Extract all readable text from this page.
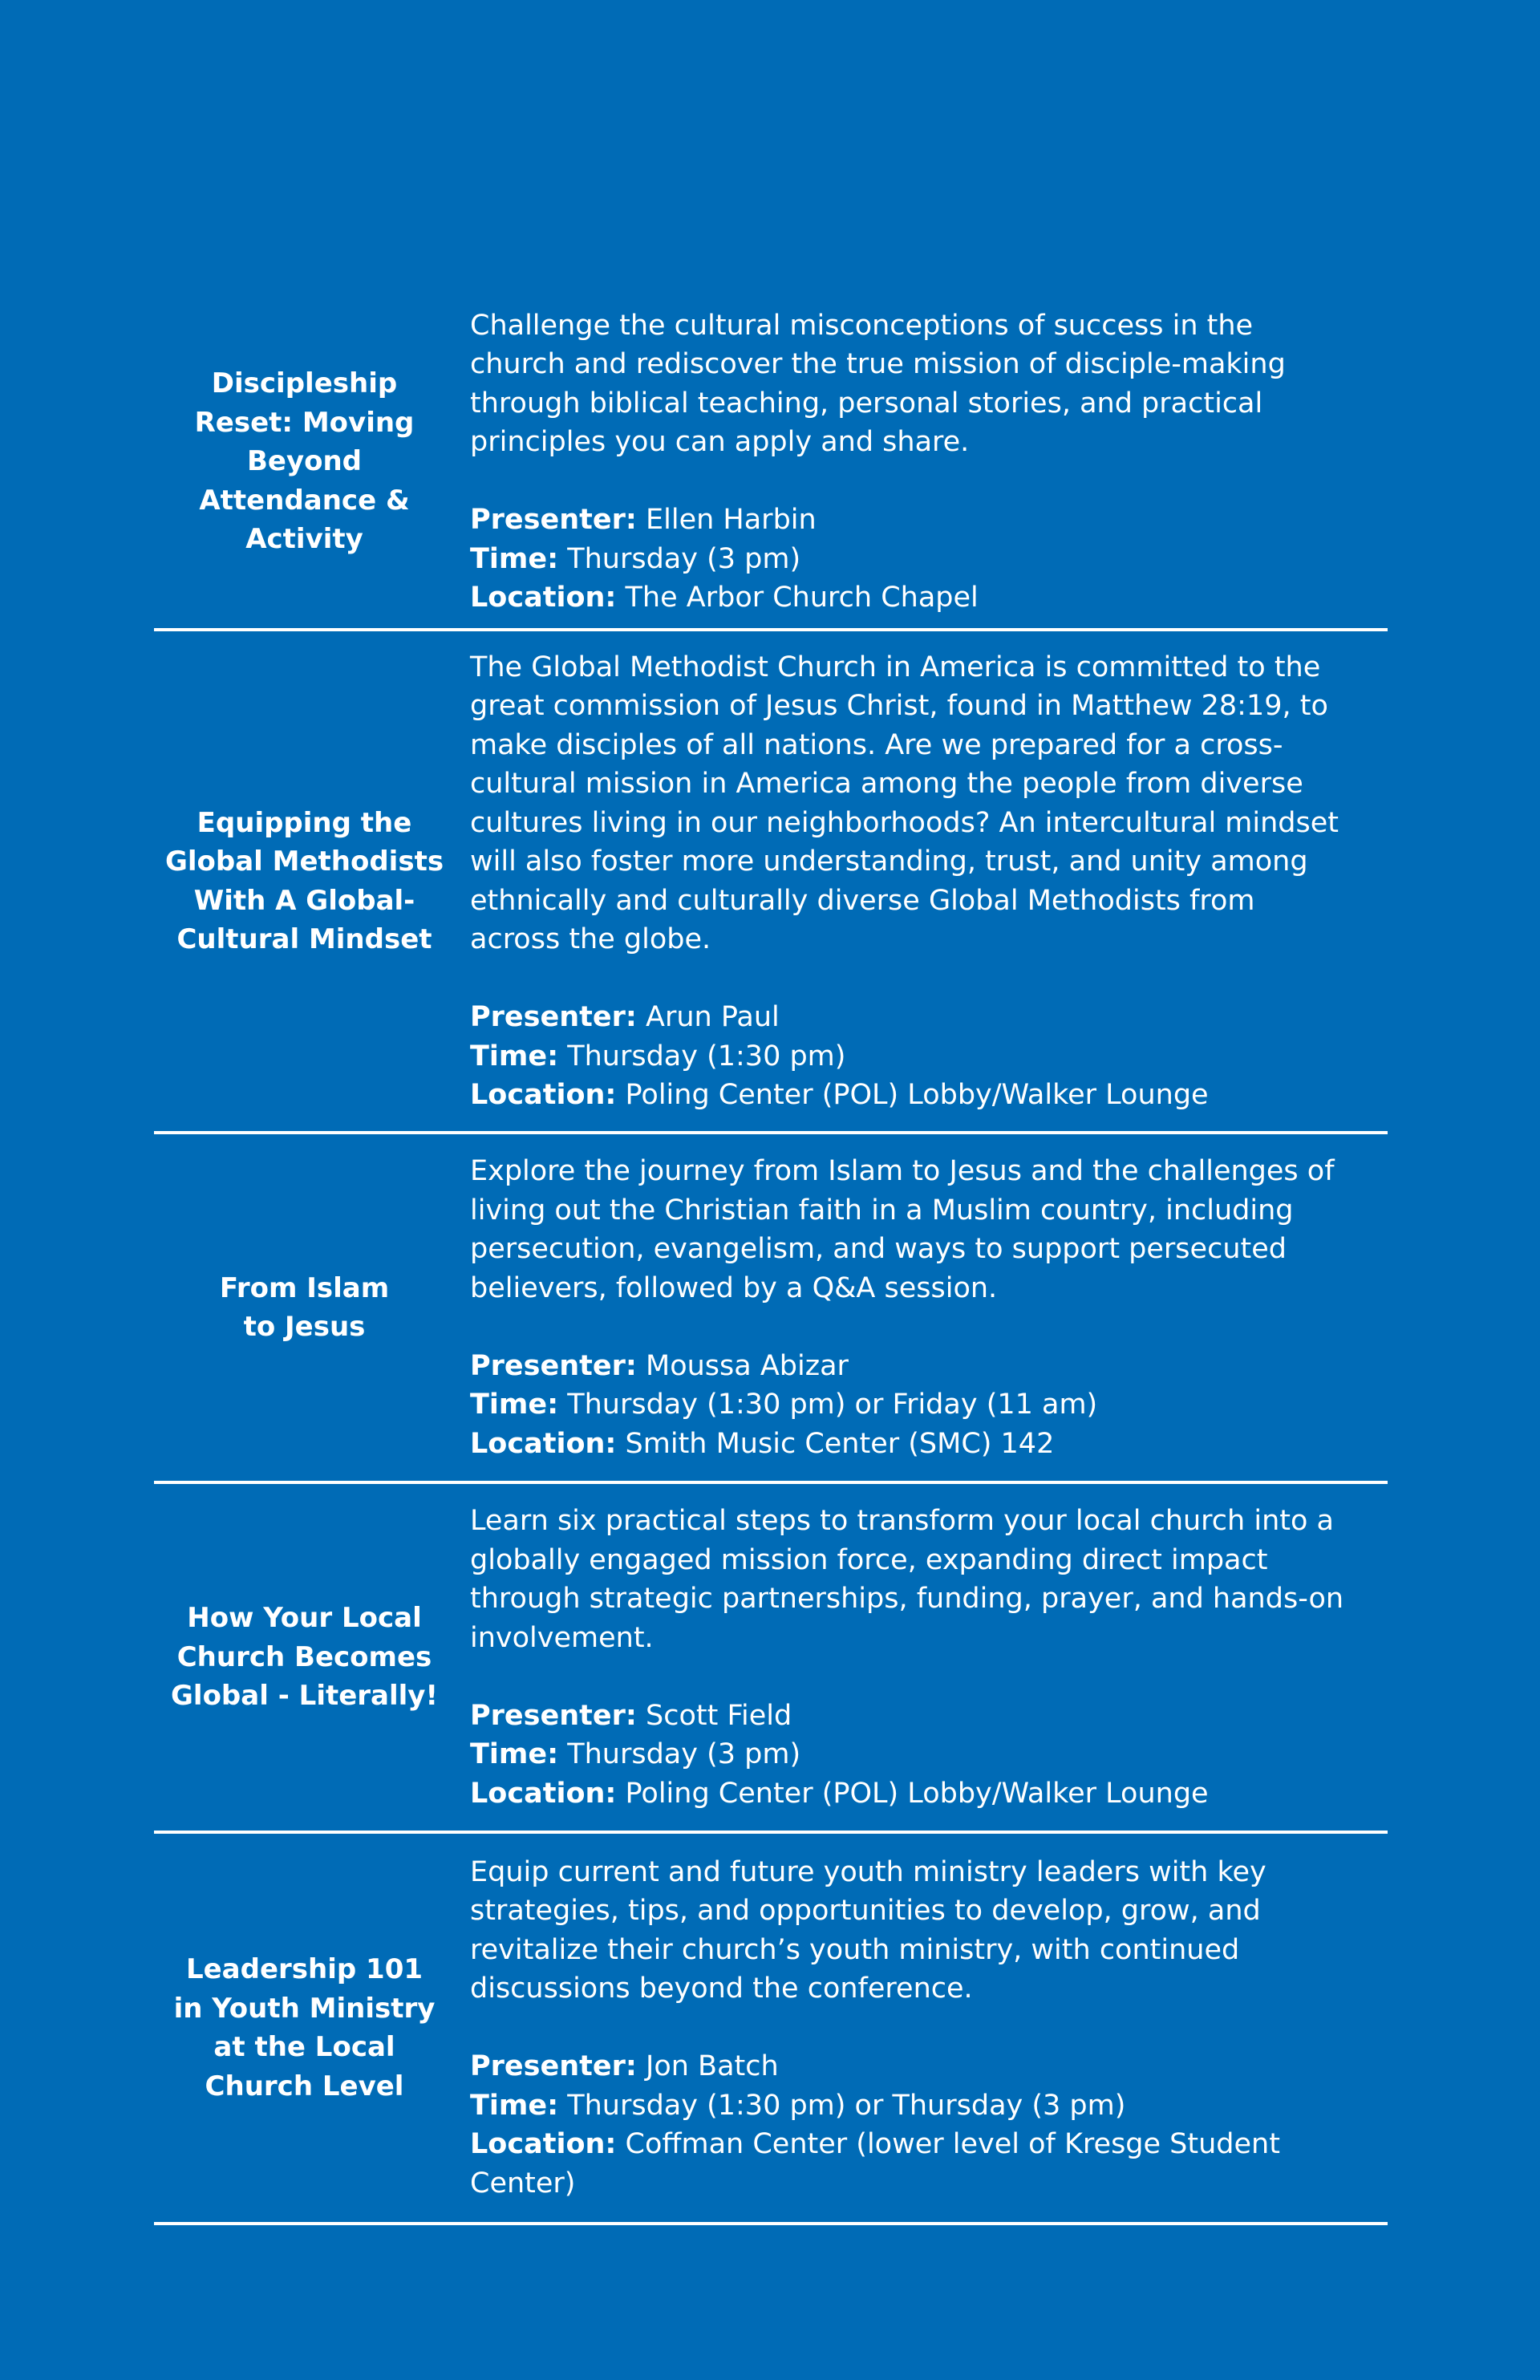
Discipleship
Reset: Moving
Beyond
Attendance &
Activity

Challenge the cultural misconceptions of success in the
church and rediscover the true mission of disciple-making
through biblical teaching, personal stories, and practical
principles you can apply and share.

Presenter: Ellen Harbin

Time: Thursday (3 pm)

Location: The Arbor Church Chapel

Equipping the
Global Methodists
With A Global-
Cultural Mindset

The Global Methodist Church in America is committed to the
great commission of Jesus Christ, found in Matthew 28:19, to
make disciples of all nations. Are we prepared for a cross-
cultural mission in America among the people from diverse
cultures living in our neighborhoods? An intercultural mindset
will also foster more understanding, trust, and unity among
ethnically and culturally diverse Global Methodists from
across the globe.

Presenter: Arun Paul

Time: Thursday (1:30 pm)

Location: Poling Center (POL) Lobby/Walker Lounge

From Islam
to Jesus

Explore the journey from Islam to Jesus and the challenges of
living out the Christian faith in a Muslim country, including
persecution, evangelism, and ways to support persecuted
believers, followed by a Q&A session.

Presenter: Moussa Abizar

Time: Thursday (1:30 pm) or Friday (11 am)

Location: Smith Music Center (SMC) 142

How Your Local
Church Becomes
Global - Literally!

Learn six practical steps to transform your local church into a
globally engaged mission force, expanding direct impact
through strategic partnerships, funding, prayer, and hands-on
involvement.

Presenter: Scott Field

Time: Thursday (3 pm)

Location: Poling Center (POL) Lobby/Walker Lounge

Leadership 101
in Youth Ministry
at the Local
Church Level

Equip current and future youth ministry leaders with key
strategies, tips, and opportunities to develop, grow, and
revitalize their church’s youth ministry, with continued
discussions beyond the conference.

Presenter: Jon Batch

Time: Thursday (1:30 pm) or Thursday (3 pm)

Location: Coffman Center (lower level of Kresge Student Center)
